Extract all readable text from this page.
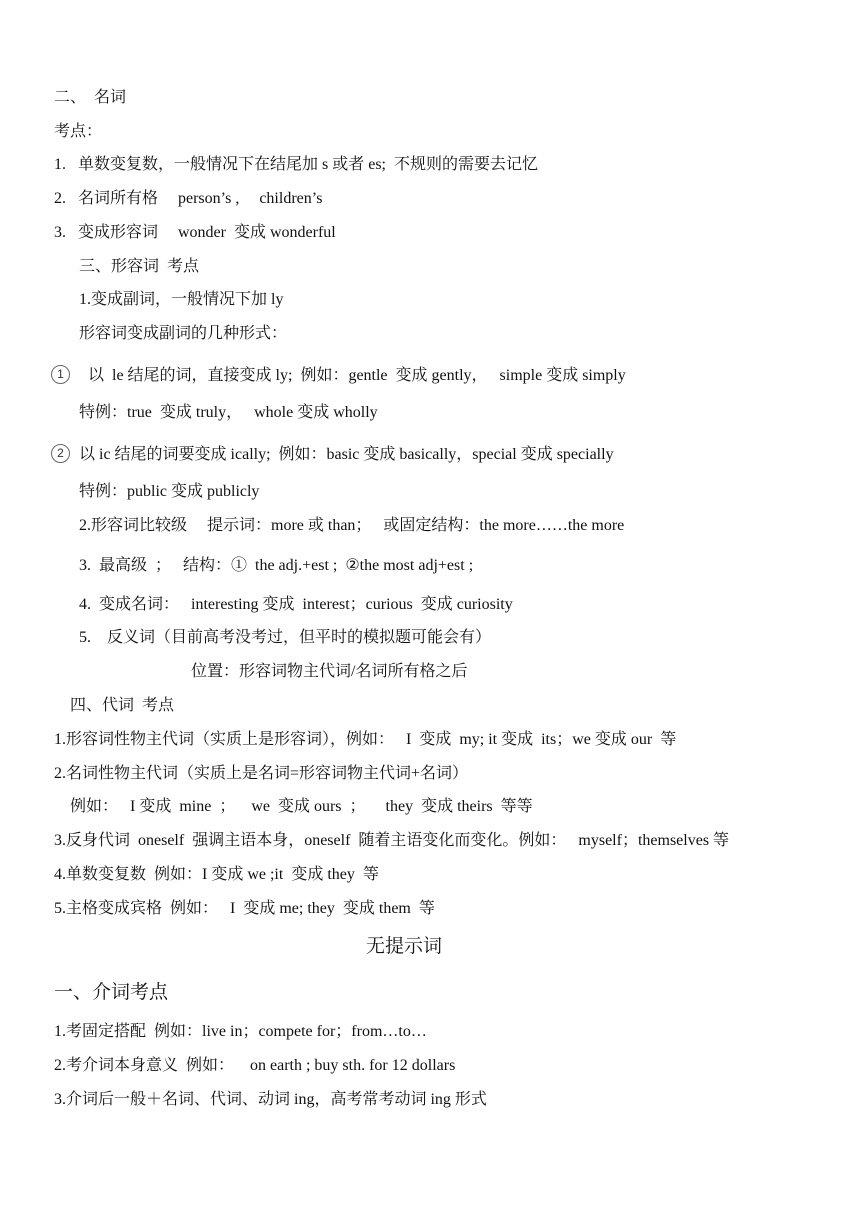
二、  名词
考点：
1.   单数变复数，一般情况下在结尾加 s 或者 es;  不规则的需要去记忆
2.   名词所有格     person’s ,     children’s
3.   变成形容词     wonder  变成 wonderful
三、形容词  考点
1.变成副词，一般情况下加 ly
形容词变成副词的几种形式：
1	以  le 结尾的词，直接变成 ly;  例如：gentle  变成 gently，   simple 变成 simply
特例：true  变成 truly，   whole 变成 wholly
2 以 ic 结尾的词要变成 ically;  例如：basic 变成 basically，special 变成 specially
特例：public 变成 publicly
2.形容词比较级     提示词：more 或 than；   或固定结构：the more……the more
3.  最高级  ；   结构：①  the adj.+est ;  ②the most adj+est ;
4.  变成名词：   interesting 变成  interest；curious  变成 curiosity
5.    反义词（目前高考没考过，但平时的模拟题可能会有）
位置：形容词物主代词/名词所有格之后
四、代词  考点
1.形容词性物主代词（实质上是形容词），例如：   I  变成  my; it 变成  its；we 变成 our  等
2.名词性物主代词（实质上是名词=形容词物主代词+名词）
例如：   I 变成  mine  ；    we  变成 ours  ；     they  变成 theirs  等等
3.反身代词  oneself  强调主语本身，oneself  随着主语变化而变化。例如：   myself；themselves 等
4.单数变复数  例如：I 变成 we ;it  变成 they  等
5.主格变成宾格  例如：   I  变成 me; they  变成 them  等
无提示词
一、介词考点
1.考固定搭配  例如：live in；compete for；from…to…
2.考介词本身意义  例如：    on earth ; buy sth. for 12 dollars
3.介词后一般＋名词、代词、动词 ing，高考常考动词 ing 形式
